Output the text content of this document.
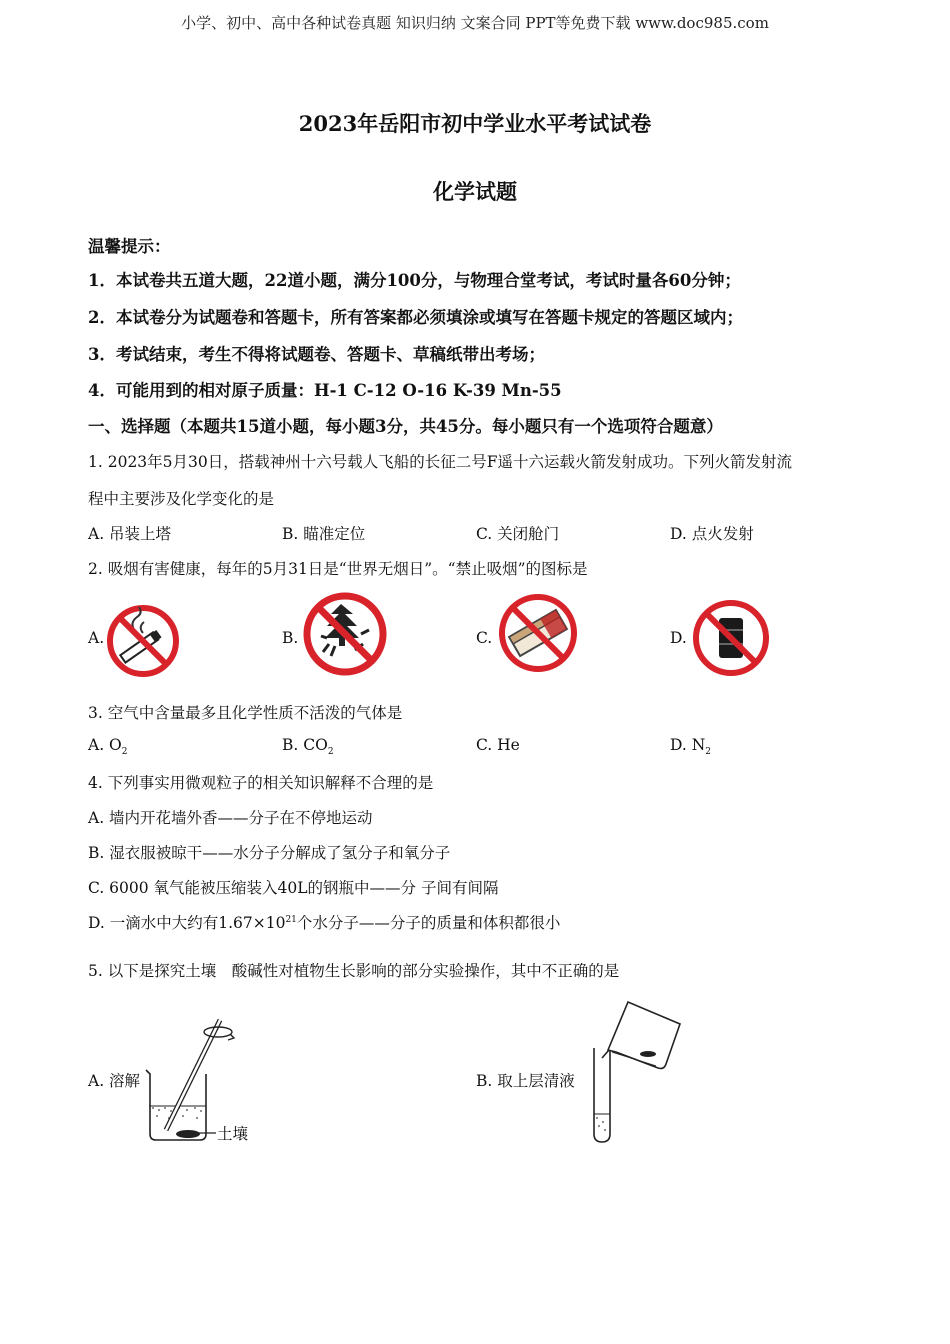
小学、初中、高中各种试卷真题 知识归纳 文案合同 PPT等免费下载 www.doc985.com
2023年岳阳市初中学业水平考试试卷
化学试题
温馨提示：
1．本试卷共五道大题，22道小题，满分100分，与物理合堂考试，考试时量各60分钟；
2．本试卷分为试题卷和答题卡，所有答案都必须填涂或填写在答题卡规定的答题区域内；
3．考试结束，考生不得将试题卷、答题卡、草稿纸带出考场；
4．可能用到的相对原子质量：H-1 C-12 O-16 K-39 Mn-55
一、选择题（本题共15道小题，每小题3分，共45分。每小题只有一个选项符合题意）
1. 2023年5月30日，搭载神州十六号载人飞船的长征二号F遥十六运载火箭发射成功。下列火箭发射流
程中主要涉及化学变化的是
A. 吊装上塔	B. 瞄准定位	C. 关闭舱门	D. 点火发射
2. 吸烟有害健康，每年的5月31日是“世界无烟日”。“禁止吸烟”的图标是
A.	B.	C.	D.
3. 空气中含量最多且化学性质不活泼的气体是
A. $O_2$	B. $CO_2$	C. He	D. $N_2$
4. 下列事实用微观粒子的相关知识解释不合理的是
A. 墙内开花墙外香——分子在不停地运动
B. 湿衣服被晾干——水分子分解成了氢分子和氧分子
C. 6000 氧气能被压缩装入40L的钢瓶中——分 子间有间隔
D. 一滴水中大约有$1.67\times 10^{21}$个水分子——分子的质量和体积都很小
5. 以下是探究土壤　酸碱性对植物生长影响的部分实验操作，其中不正确的是
A. 溶解	B. 取上层清液
土壤
